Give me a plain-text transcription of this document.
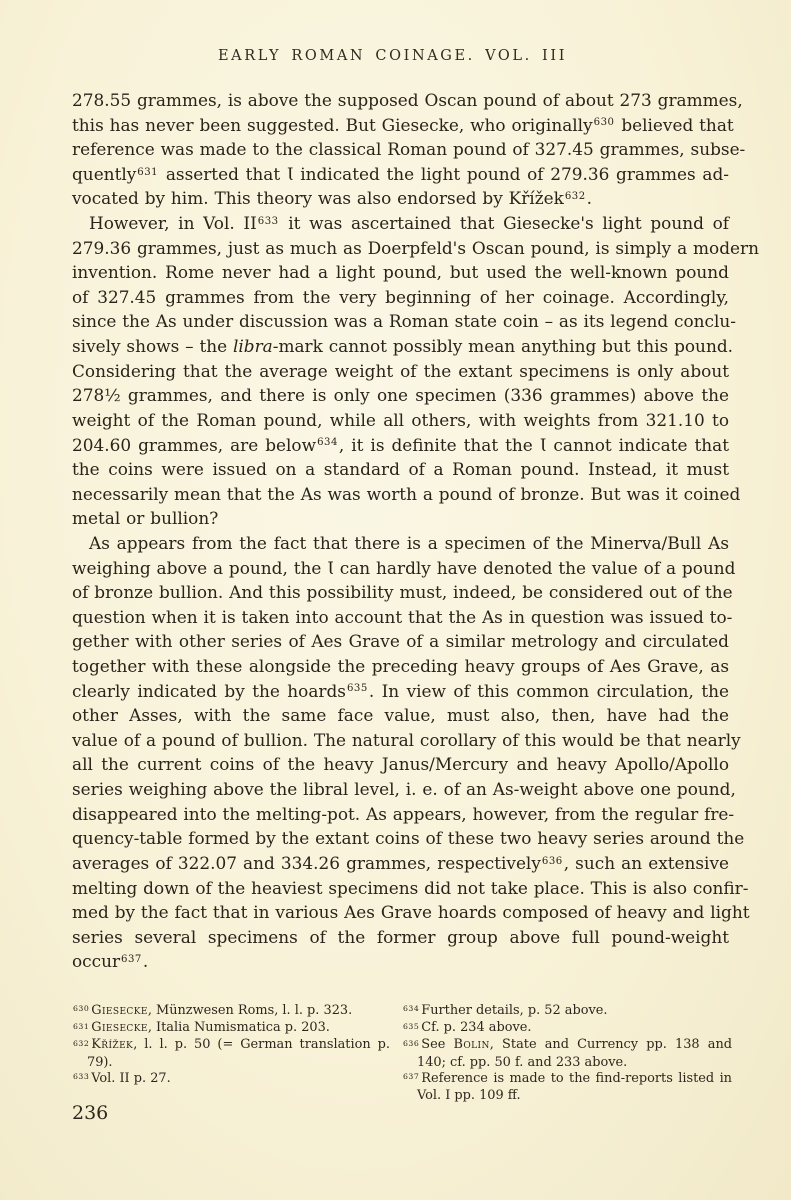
EARLY ROMAN COINAGE. VOL. III
278.55 grammes, is above the supposed Oscan pound of about 273 grammes,
this has never been suggested. But Giesecke, who originally$^{630}$ believed that
reference was made to the classical Roman pound of 327.45 grammes, subse-
quently$^{631}$ asserted that Ɩ indicated the light pound of 279.36 grammes ad-
vocated by him. This theory was also endorsed by Křížek$^{632}$.
However, in Vol. II$^{633}$ it was ascertained that Giesecke's light pound of
279.36 grammes, just as much as Doerpfeld's Oscan pound, is simply a modern
invention. Rome never had a light pound, but used the well-known pound
of 327.45 grammes from the very beginning of her coinage. Accordingly,
since the As under discussion was a Roman state coin – as its legend conclu-
sively shows – the libra-mark cannot possibly mean anything but this pound.
Considering that the average weight of the extant specimens is only about
278½ grammes, and there is only one specimen (336 grammes) above the
weight of the Roman pound, while all others, with weights from 321.10 to
204.60 grammes, are below$^{634}$, it is definite that the Ɩ cannot indicate that
the coins were issued on a standard of a Roman pound. Instead, it must
necessarily mean that the As was worth a pound of bronze. But was it coined
metal or bullion?
As appears from the fact that there is a specimen of the Minerva/Bull As
weighing above a pound, the Ɩ can hardly have denoted the value of a pound
of bronze bullion. And this possibility must, indeed, be considered out of the
question when it is taken into account that the As in question was issued to-
gether with other series of Aes Grave of a similar metrology and circulated
together with these alongside the preceding heavy groups of Aes Grave, as
clearly indicated by the hoards$^{635}$. In view of this common circulation, the
other Asses, with the same face value, must also, then, have had the
value of a pound of bullion. The natural corollary of this would be that nearly
all the current coins of the heavy Janus/Mercury and heavy Apollo/Apollo
series weighing above the libral level, i. e. of an As-weight above one pound,
disappeared into the melting-pot. As appears, however, from the regular fre-
quency-table formed by the extant coins of these two heavy series around the
averages of 322.07 and 334.26 grammes, respectively$^{636}$, such an extensive
melting down of the heaviest specimens did not take place. This is also confir-
med by the fact that in various Aes Grave hoards composed of heavy and light
series several specimens of the former group above full pound-weight occur$^{637}$.
$^{630}$ Giesecke, Münzwesen Roms, l. l. p. 323.
$^{631}$ Giesecke, Italia Numismatica p. 203.
$^{632}$ Křížek, l. l. p. 50 (= German translation p. 79).
$^{633}$ Vol. II p. 27.
$^{634}$ Further details, p. 52 above.
$^{635}$ Cf. p. 234 above.
$^{636}$ See Bolin, State and Currency pp. 138 and 140; cf. pp. 50 f. and 233 above.
$^{637}$ Reference is made to the find-reports listed in Vol. I pp. 109 ff.
236
